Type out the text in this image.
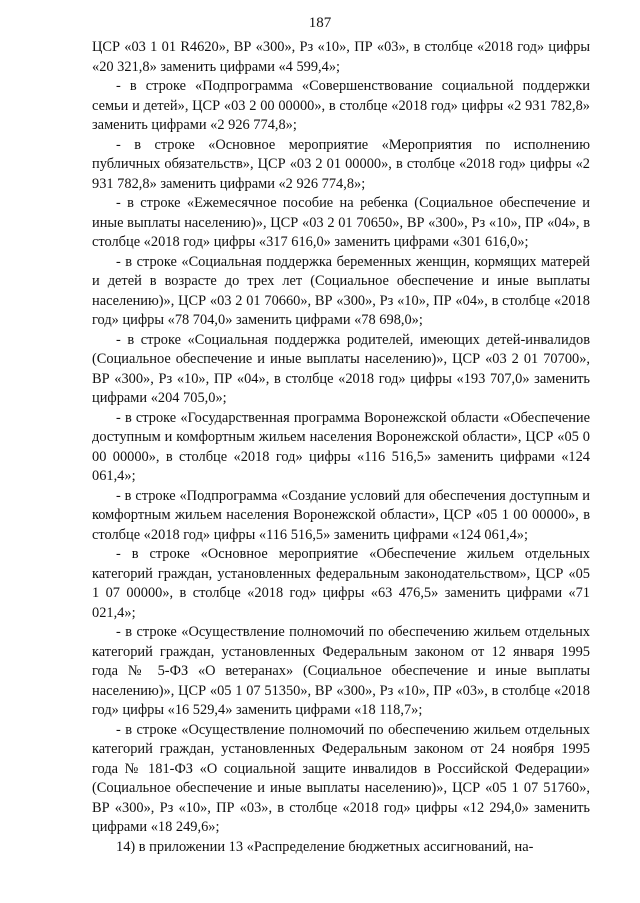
187

ЦСР «03 1 01 R4620», ВР «300», Рз «10», ПР «03», в столбце «2018 год» цифры «20 321,8» заменить цифрами «4 599,4»;

- в строке «Подпрограмма «Совершенствование социальной поддержки семьи и детей», ЦСР «03 2 00 00000», в столбце «2018 год» цифры «2 931 782,8» заменить цифрами «2 926 774,8»;

- в строке «Основное мероприятие «Мероприятия по исполнению публичных обязательств», ЦСР «03 2 01 00000», в столбце «2018 год» цифры «2 931 782,8» заменить цифрами «2 926 774,8»;

- в строке «Ежемесячное пособие на ребенка (Социальное обеспечение и иные выплаты населению)», ЦСР «03 2 01 70650», ВР «300», Рз «10», ПР «04», в столбце «2018 год» цифры «317 616,0» заменить цифрами «301 616,0»;

- в строке «Социальная поддержка беременных женщин, кормящих матерей и детей в возрасте до трех лет (Социальное обеспечение и иные выплаты населению)», ЦСР «03 2 01 70660», ВР «300», Рз «10», ПР «04», в столбце «2018 год» цифры «78 704,0» заменить цифрами «78 698,0»;

- в строке «Социальная поддержка родителей, имеющих детей-инвалидов (Социальное обеспечение и иные выплаты населению)», ЦСР «03 2 01 70700», ВР «300», Рз «10», ПР «04», в столбце «2018 год» цифры «193 707,0» заменить цифрами «204 705,0»;

- в строке «Государственная программа Воронежской области «Обеспечение доступным и комфортным жильем населения Воронежской области», ЦСР «05 0 00 00000», в столбце «2018 год» цифры «116 516,5» заменить цифрами «124 061,4»;

- в строке «Подпрограмма «Создание условий для обеспечения доступным и комфортным жильем населения Воронежской области», ЦСР «05 1 00 00000», в столбце «2018 год» цифры «116 516,5» заменить цифрами «124 061,4»;

- в строке «Основное мероприятие «Обеспечение жильем отдельных категорий граждан, установленных федеральным законодательством», ЦСР «05 1 07 00000», в столбце «2018 год» цифры «63 476,5» заменить цифрами «71 021,4»;

- в строке «Осуществление полномочий по обеспечению жильем отдельных категорий граждан, установленных Федеральным законом от 12 января 1995 года № 5-ФЗ «О ветеранах» (Социальное обеспечение и иные выплаты населению)», ЦСР «05 1 07 51350», ВР «300», Рз «10», ПР «03», в столбце «2018 год» цифры «16 529,4» заменить цифрами «18 118,7»;

- в строке «Осуществление полномочий по обеспечению жильем отдельных категорий граждан, установленных Федеральным законом от 24 ноября 1995 года № 181-ФЗ «О социальной защите инвалидов в Российской Федерации» (Социальное обеспечение и иные выплаты населению)», ЦСР «05 1 07 51760», ВР «300», Рз «10», ПР «03», в столбце «2018 год» цифры «12 294,0» заменить цифрами «18 249,6»;

14) в приложении 13 «Распределение бюджетных ассигнований, на-
